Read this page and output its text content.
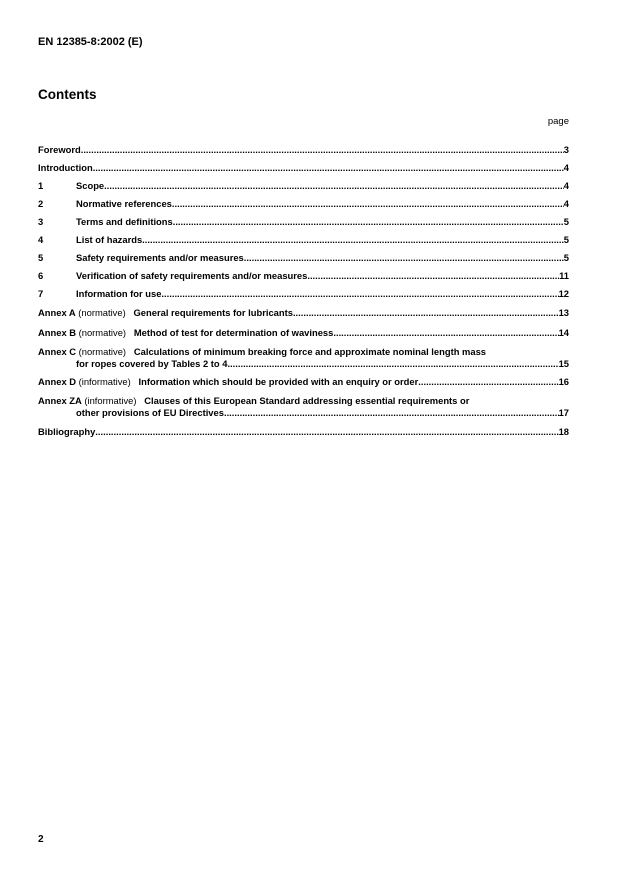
EN 12385-8:2002 (E)
Contents
page
Foreword .....	3
Introduction .....	4
1	Scope .....	4
2	Normative references .....	4
3	Terms and definitions .....	5
4	List of hazards .....	5
5	Safety requirements and/or measures .....	5
6	Verification of safety requirements and/or measures .....	11
7	Information for use .....	12
Annex A (normative) General requirements for lubricants .....	13
Annex B (normative) Method of test for determination of waviness .....	14
Annex C (normative) Calculations of minimum breaking force and approximate nominal length mass
for ropes covered by Tables 2 to 4 .....	15
Annex D (informative) Information which should be provided with an enquiry or order .....	16
Annex ZA (informative) Clauses of this European Standard addressing essential requirements or
other provisions of EU Directives .....	17
Bibliography .....	18
2
